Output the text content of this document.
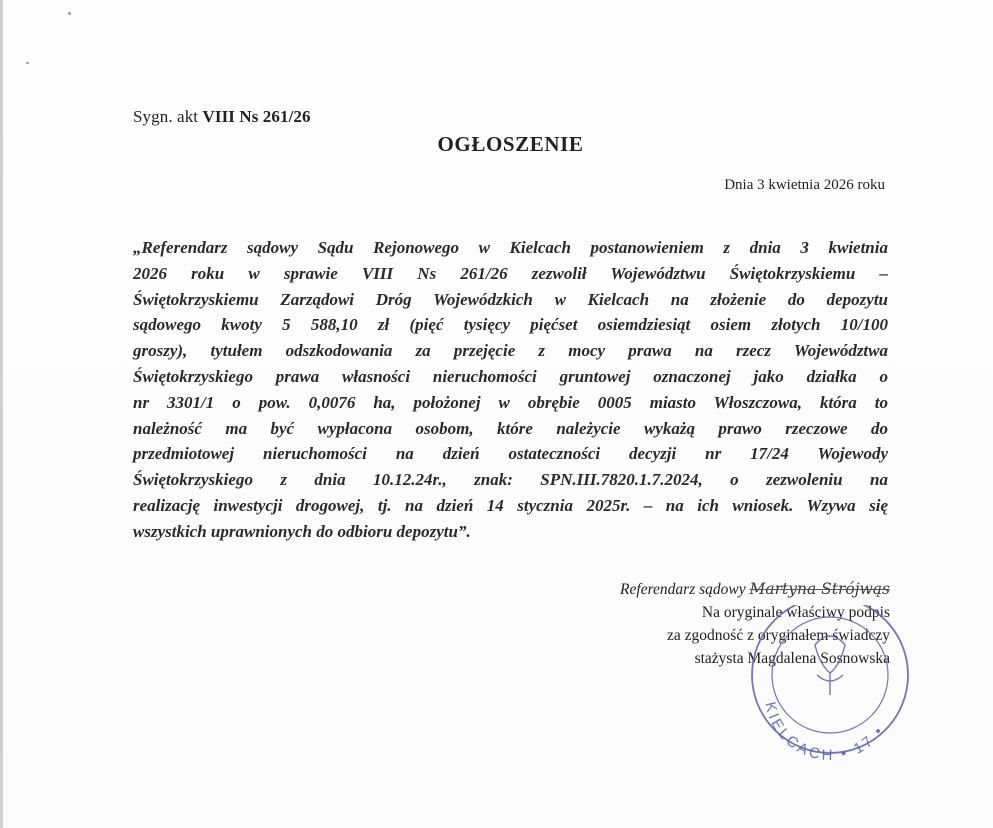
Sygn. akt VIII Ns 261/26
OGŁOSZENIE
Dnia 3 kwietnia 2026 roku
„Referendarz sądowy Sądu Rejonowego w Kielcach postanowieniem z dnia 3 kwietnia
2026 roku w sprawie VIII Ns 261/26 zezwolił Województwu Świętokrzyskiemu –
Świętokrzyskiemu Zarządowi Dróg Wojewódzkich w Kielcach na złożenie do depozytu
sądowego kwoty 5 588,10 zł (pięć tysięcy pięćset osiemdziesiąt osiem złotych 10/100
groszy), tytułem odszkodowania za przejęcie z mocy prawa na rzecz Województwa
Świętokrzyskiego prawa własności nieruchomości gruntowej oznaczonej jako działka o
nr 3301/1 o pow. 0,0076 ha, położonej w obrębie 0005 miasto Włoszczowa, która to
należność ma być wypłacona osobom, które należycie wykażą prawo rzeczowe do
przedmiotowej nieruchomości na dzień ostateczności decyzji nr 17/24 Wojewody
Świętokrzyskiego z dnia 10.12.24r., znak: SPN.III.7820.1.7.2024, o zezwoleniu na
realizację inwestycji drogowej, tj. na dzień 14 stycznia 2025r. – na ich wniosek. Wzywa się
wszystkich uprawnionych do odbioru depozytu”.
Referendarz sądowy Martyna Strójwąs
Na oryginale właściwy podpis
za zgodność z oryginałem świadczy
stażysta Magdalena Sosnowska
KIELCACH • 17 •
